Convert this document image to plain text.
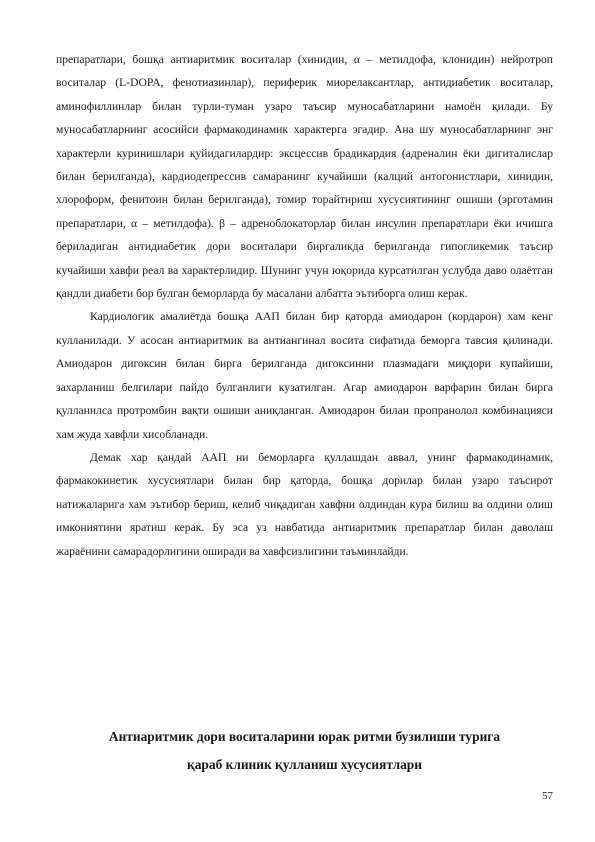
препаратлари, бошқа антиаритмик воситалар (хинидин, α – метилдофа, клонидин) нейротроп воситалар (L-DOPA, фенотиазинлар), периферик миорелаксантлар, антидиабетик воситалар, аминофиллинлар билан турли-туман узаро таъсир муносабатларини намоён қилади. Бу муносабатларнинг асосийси фармакодинамик характерга эгадир. Ана шу муносабатларнинг энг характерли куринишлари қуйидагилардир: эксцессив брадикардия (адреналин ёки дигиталислар билан берилганда), кардиодепрессив самаранинг кучайиши (калций антогонистлари, хинидин, хлороформ, фенитоин билан берилганда), томир торайтириш хусусиятининг ошиши (эрготамин препаратлари, α – метилдофа). β – адреноблокаторлар билан инсулин препаратлари ёки ичишга бериладиган антидиабетик дори воситалари биргаликда берилганда гипогликемик таъсир кучайиши хавфи реал ва характерлидир. Шунинг учун юқорида курсатилган услубда даво олаётган қандли диабети бор булган беморларда бу масалани албатта эътиборга олиш керак.

Кардиологик амалиётда бошқа ААП билан бир қаторда амиодарон (кордарон) хам кенг кулланилади. У асосан антиаритмик ва антиангинал восита сифатида беморга тавсия қилинади. Амиодарон дигоксин билан бирга берилганда дигоксинни плазмадаги миқдори купайиши, захарланиш белгилари пайдо булганлиги кузатилган. Агар амиодарон варфарин билан бирга қулланилса протромбин вақти ошиши аниқланган. Амиодарон билан пропранолол комбинацияси хам жуда хавфли хисобланади.

Демак хар қандай ААП ни беморларга қуллашдан аввал, унинг фармакодинамик, фармакокинетик хусусиятлари билан бир қаторда, бошқа дорилар билан узаро таъсирот натижаларига хам эътибор бериш, келиб чиқадиган хавфни олдиндан кура билиш ва олдини олиш имкониятини яратиш керак. Бу эса уз навбатида антиаритмик препаратлар билан даволаш жараёнини самарадорлигини оширади ва хавфсизлигини таъминлайди.

Антиаритмик дори воситаларини юрак ритми бузилиши турига
қараб клиник қулланиш хусусиятлари
57
